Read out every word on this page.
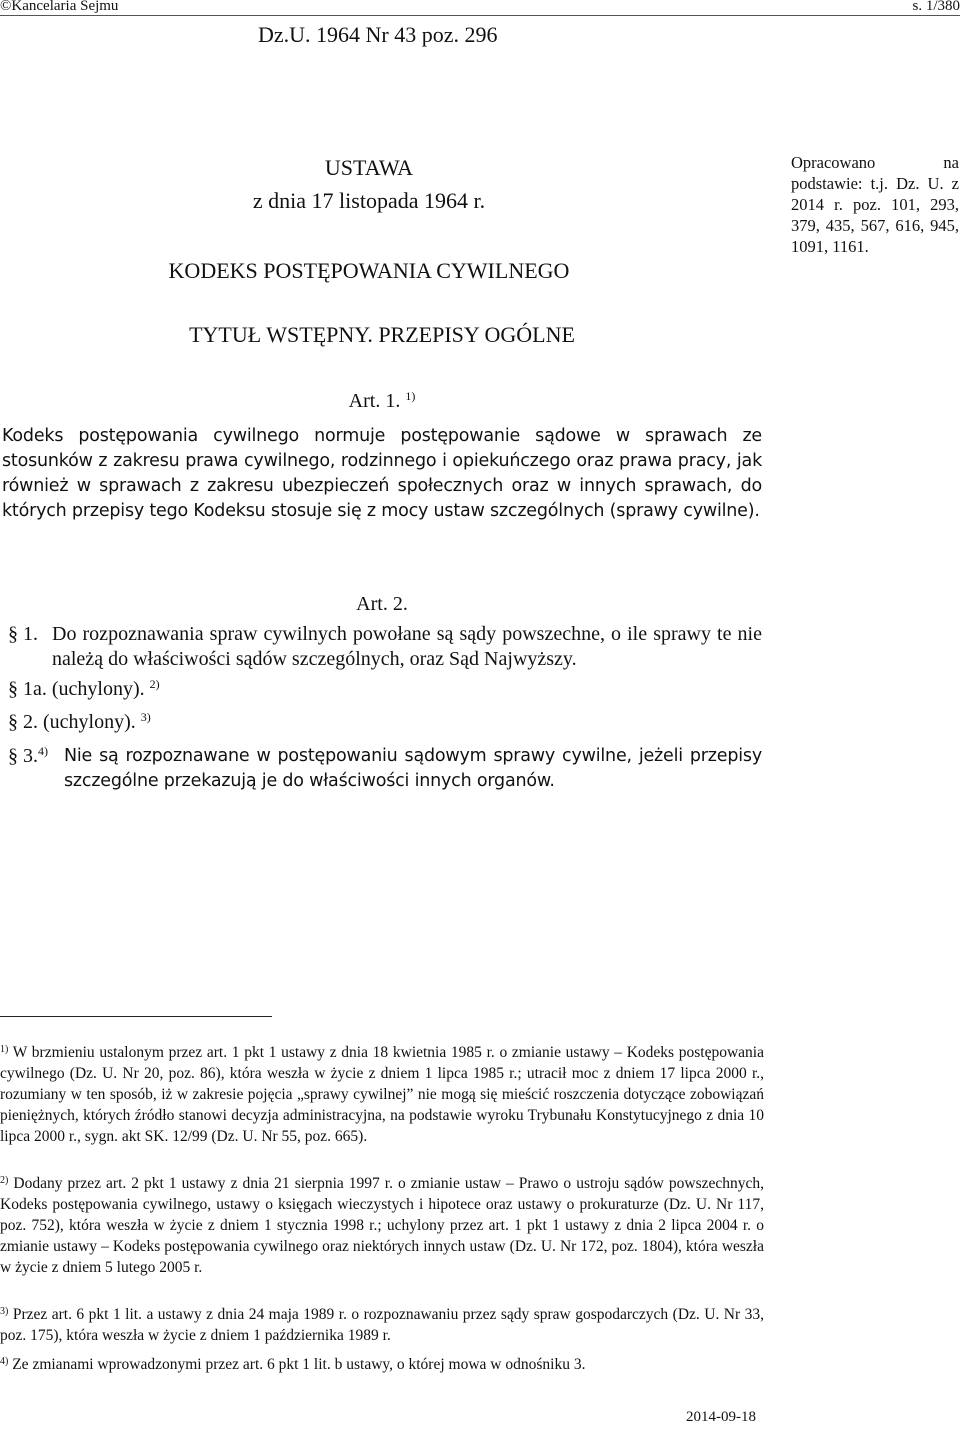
©Kancelaria Sejmu	s. 1/380
Dz.U. 1964 Nr 43 poz. 296
USTAWA
z dnia 17 listopada 1964 r.
KODEKS POSTĘPOWANIA CYWILNEGO
Opracowano na podstawie: t.j. Dz. U. z 2014 r. poz. 101, 293, 379, 435, 567, 616, 945, 1091, 1161.
TYTUŁ WSTĘPNY. PRZEPISY OGÓLNE
Art. 1. $^{1)}$
Kodeks postępowania cywilnego normuje postępowanie sądowe w sprawach ze stosunków z zakresu prawa cywilnego, rodzinnego i opiekuńczego oraz prawa pracy, jak również w sprawach z zakresu ubezpieczeń społecznych oraz w innych sprawach, do których przepisy tego Kodeksu stosuje się z mocy ustaw szczególnych (sprawy cywilne).
Art. 2.
§ 1. Do rozpoznawania spraw cywilnych powołane są sądy powszechne, o ile sprawy te nie należą do właściwości sądów szczególnych, oraz Sąd Najwyższy.
§ 1a. (uchylony). $^{2)}$
§ 2. (uchylony). $^{3)}$
§ 3.$^{4)}$ Nie są rozpoznawane w postępowaniu sądowym sprawy cywilne, jeżeli przepisy szczególne przekazują je do właściwości innych organów.
$^{1)}$ W brzmieniu ustalonym przez art. 1 pkt 1 ustawy z dnia 18 kwietnia 1985 r. o zmianie ustawy – Kodeks postępowania cywilnego (Dz. U. Nr 20, poz. 86), która weszła w życie z dniem 1 lipca 1985 r.; utracił moc z dniem 17 lipca 2000 r., rozumiany w ten sposób, iż w zakresie pojęcia „sprawy cywilnej” nie mogą się mieścić roszczenia dotyczące zobowiązań pieniężnych, których źródło stanowi decyzja administracyjna, na podstawie wyroku Trybunału Konstytucyjnego z dnia 10 lipca 2000 r., sygn. akt SK. 12/99 (Dz. U. Nr 55, poz. 665).
$^{2)}$ Dodany przez art. 2 pkt 1 ustawy z dnia 21 sierpnia 1997 r. o zmianie ustaw – Prawo o ustroju sądów powszechnych, Kodeks postępowania cywilnego, ustawy o księgach wieczystych i hipotece oraz ustawy o prokuraturze (Dz. U. Nr 117, poz. 752), która weszła w życie z dniem 1 stycznia 1998 r.; uchylony przez art. 1 pkt 1 ustawy z dnia 2 lipca 2004 r. o zmianie ustawy – Kodeks postępowania cywilnego oraz niektórych innych ustaw (Dz. U. Nr 172, poz. 1804), która weszła w życie z dniem 5 lutego 2005 r.
$^{3)}$ Przez art. 6 pkt 1 lit. a ustawy z dnia 24 maja 1989 r. o rozpoznawaniu przez sądy spraw gospodarczych (Dz. U. Nr 33, poz. 175), która weszła w życie z dniem 1 października 1989 r.
$^{4)}$ Ze zmianami wprowadzonymi przez art. 6 pkt 1 lit. b ustawy, o której mowa w odnośniku 3.
2014-09-18
